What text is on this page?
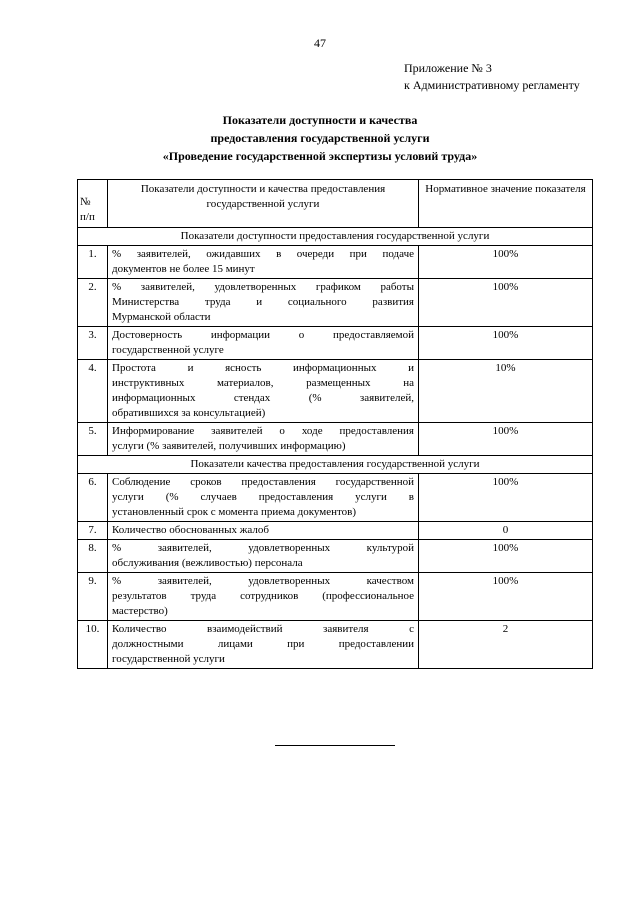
47
Приложение № 3
к Административному регламенту
Показатели доступности и качества
предоставления государственной услуги
«Проведение государственной экспертизы условий труда»
№
п/п	Показатели доступности и качества предоставления государственной услуги	Нормативное значение показателя
Показатели доступности предоставления государственной услуги		
1.	% заявителей, ожидавших в очереди при подаче
документов не более 15 минут	100%
2.	% заявителей, удовлетворенных графиком работы
Министерства труда и социального развития
Мурманской области	100%
3.	Достоверность информации о предоставляемой
государственной услуге	100%
4.	Простота и ясность информационных и
инструктивных материалов, размещенных на
информационных стендах (% заявителей,
обратившихся за консультацией)	10%
5.	Информирование заявителей о ходе предоставления
услуги (% заявителей, получивших информацию)	100%
Показатели качества предоставления государственной услуги		
6.	Соблюдение сроков предоставления государственной
услуги (% случаев предоставления услуги в
установленный срок с момента приема документов)	100%
7.	Количество обоснованных жалоб	0
8.	% заявителей, удовлетворенных культурой
обслуживания (вежливостью) персонала	100%
9.	% заявителей, удовлетворенных качеством
результатов труда сотрудников (профессиональное
мастерство)	100%
10.	Количество взаимодействий заявителя с
должностными лицами при предоставлении
государственной услуги	2
